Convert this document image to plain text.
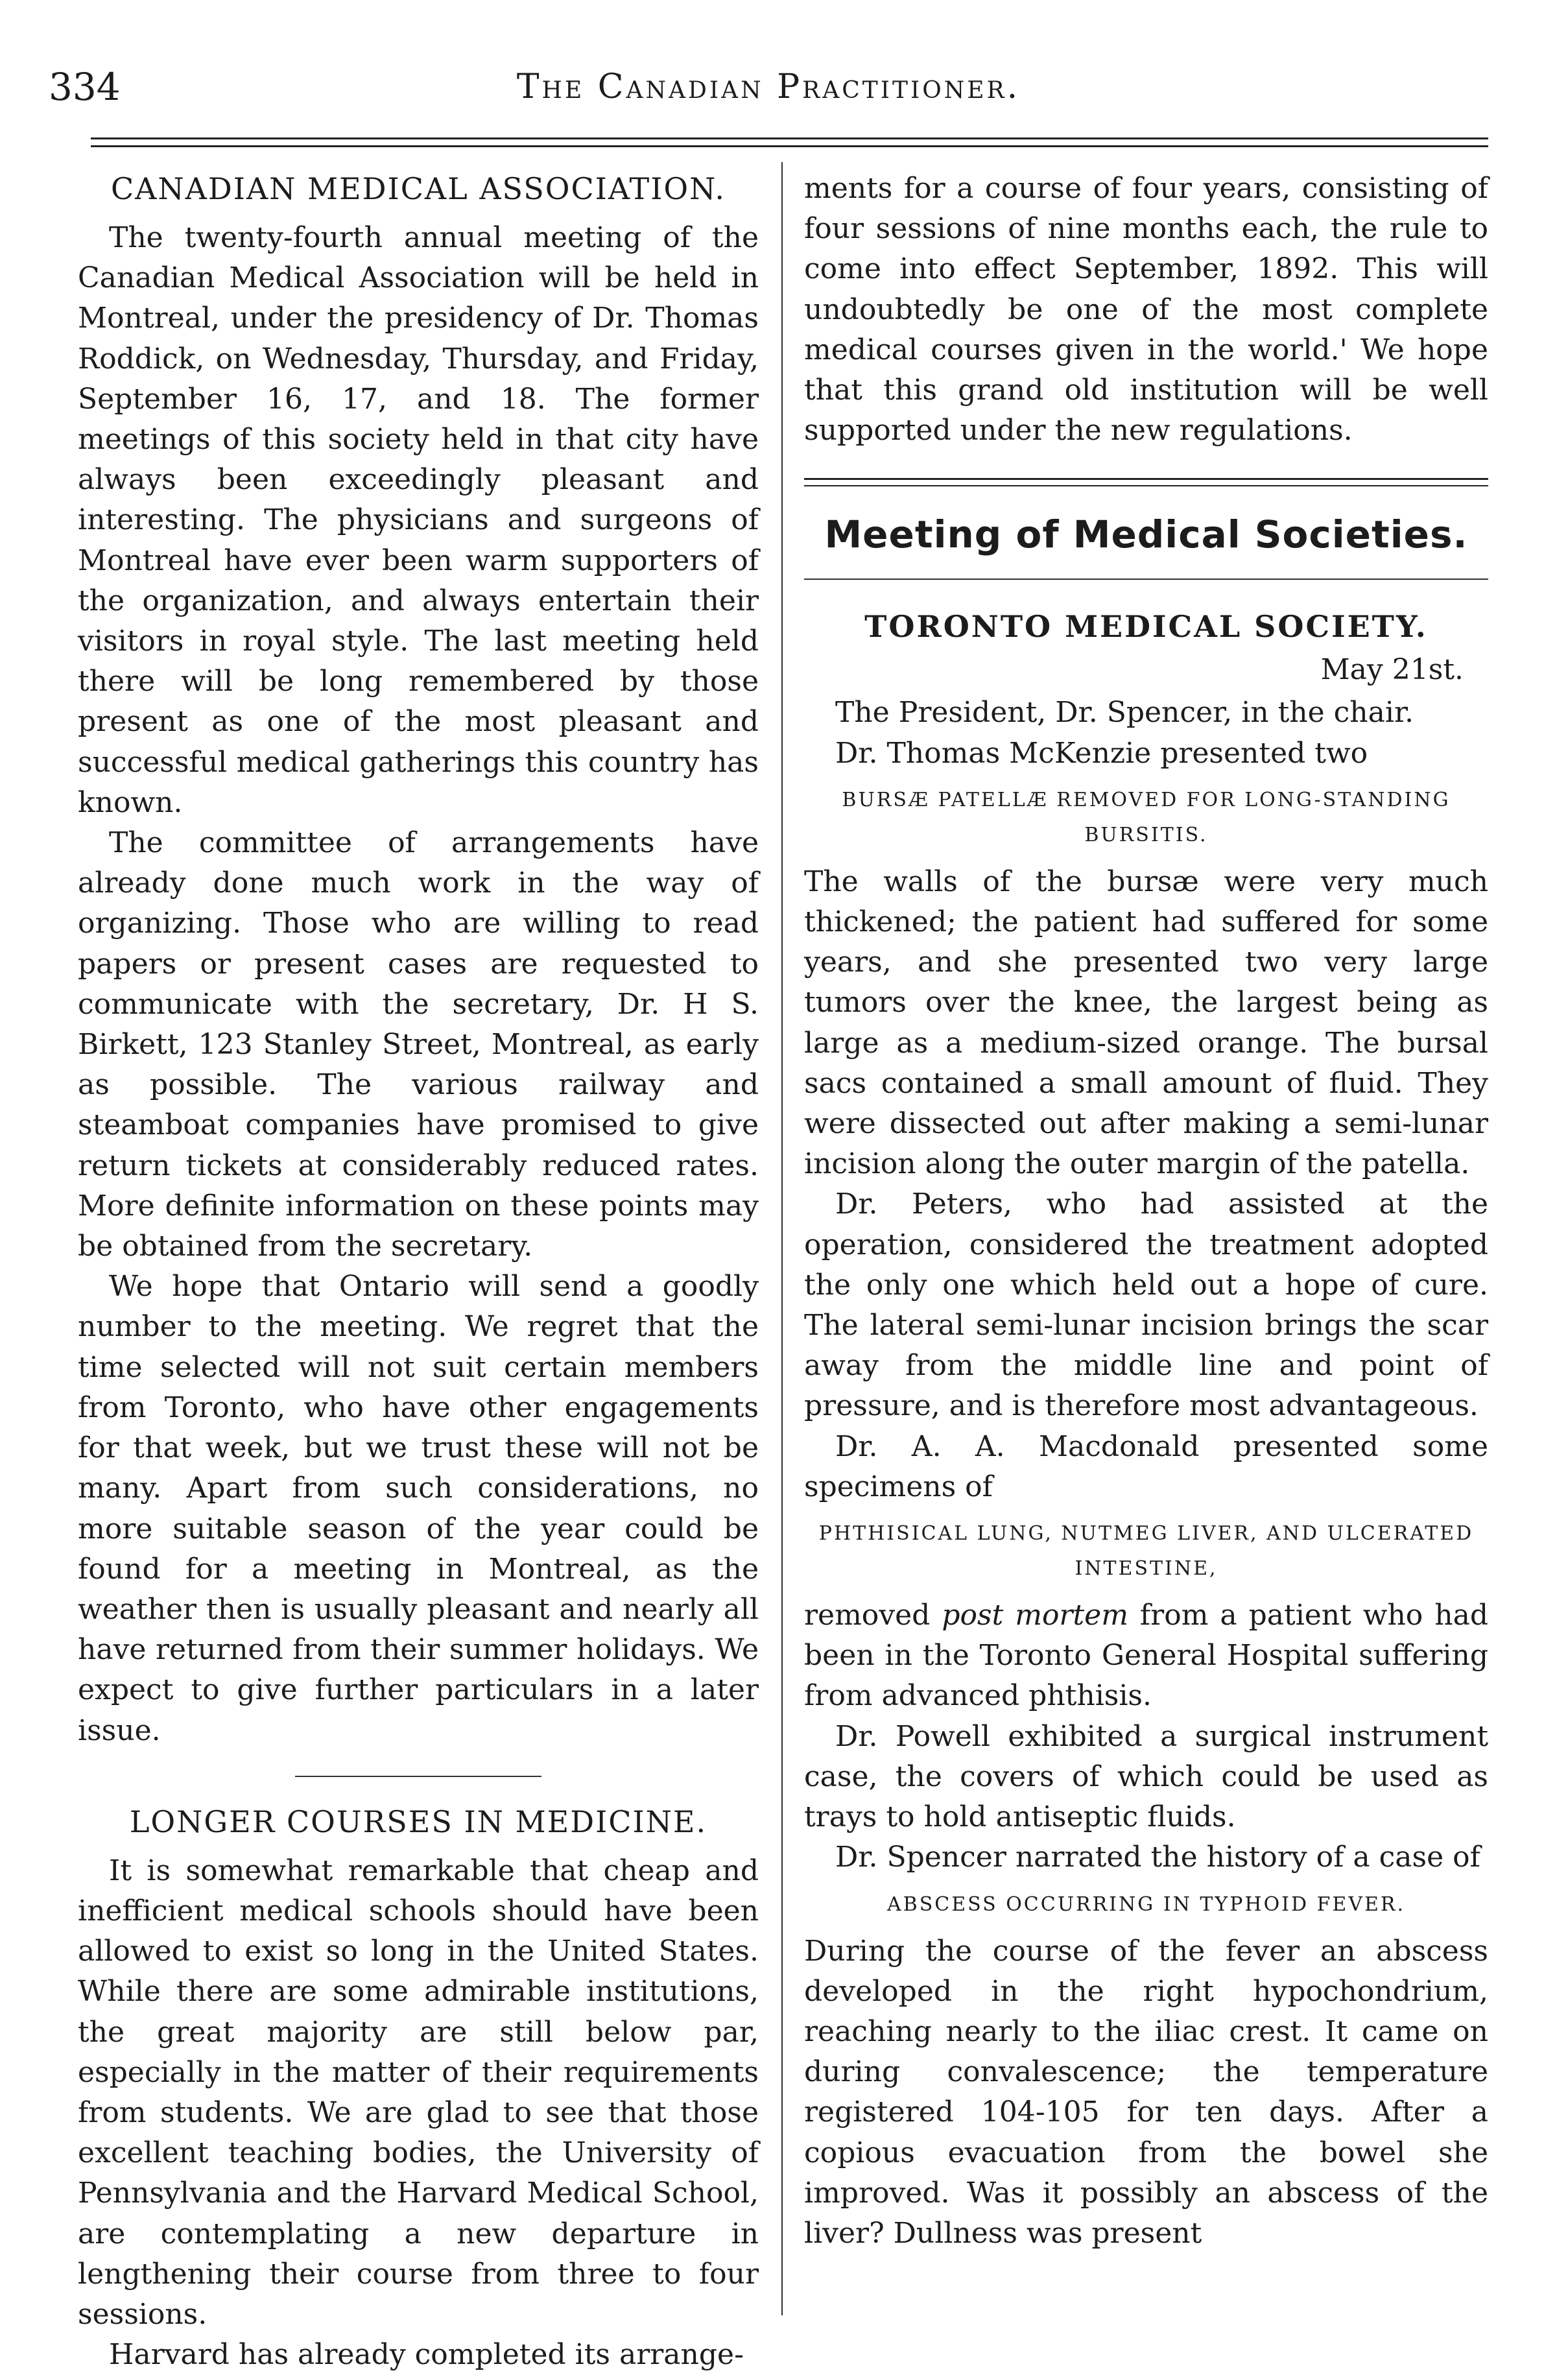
334	The Canadian Practitioner.
CANADIAN MEDICAL ASSOCIATION.

The twenty-fourth annual meeting of the Canadian Medical Association will be held in Montreal, under the presidency of Dr. Thomas Roddick, on Wednesday, Thursday, and Friday, September 16, 17, and 18. The former meetings of this society held in that city have always been exceedingly pleasant and interesting. The physicians and surgeons of Montreal have ever been warm supporters of the organization, and always entertain their visitors in royal style. The last meeting held there will be long remembered by those present as one of the most pleasant and successful medical gatherings this country has known.

The committee of arrangements have already done much work in the way of organizing. Those who are willing to read papers or present cases are requested to communicate with the secretary, Dr. H S. Birkett, 123 Stanley Street, Montreal, as early as possible. The various railway and steamboat companies have promised to give return tickets at considerably reduced rates. More definite information on these points may be obtained from the secretary.

We hope that Ontario will send a goodly number to the meeting. We regret that the time selected will not suit certain members from Toronto, who have other engagements for that week, but we trust these will not be many. Apart from such considerations, no more suitable season of the year could be found for a meeting in Montreal, as the weather then is usually pleasant and nearly all have returned from their summer holidays. We expect to give further particulars in a later issue.

LONGER COURSES IN MEDICINE.

It is somewhat remarkable that cheap and inefficient medical schools should have been allowed to exist so long in the United States. While there are some admirable institutions, the great majority are still below par, especially in the matter of their requirements from students. We are glad to see that those excellent teaching bodies, the University of Pennsylvania and the Harvard Medical School, are contemplating a new departure in lengthening their course from three to four sessions.

Harvard has already completed its arrange-

ments for a course of four years, consisting of four sessions of nine months each, the rule to come into effect September, 1892. This will undoubtedly be one of the most complete medical courses given in the world.' We hope that this grand old institution will be well supported under the new regulations.

Meeting of Medical Societies.
TORONTO MEDICAL SOCIETY.
May 21st.

The President, Dr. Spencer, in the chair.

Dr. Thomas McKenzie presented two

BURSÆ PATELLÆ REMOVED FOR LONG-STANDING BURSITIS.

The walls of the bursæ were very much thickened; the patient had suffered for some years, and she presented two very large tumors over the knee, the largest being as large as a medium-sized orange. The bursal sacs contained a small amount of fluid. They were dissected out after making a semi-lunar incision along the outer margin of the patella.

Dr. Peters, who had assisted at the operation, considered the treatment adopted the only one which held out a hope of cure. The lateral semi-lunar incision brings the scar away from the middle line and point of pressure, and is therefore most advantageous.

Dr. A. A. Macdonald presented some specimens of

PHTHISICAL LUNG, NUTMEG LIVER, AND ULCERATED INTESTINE,

removed post mortem from a patient who had been in the Toronto General Hospital suffering from advanced phthisis.

Dr. Powell exhibited a surgical instrument case, the covers of which could be used as trays to hold antiseptic fluids.

Dr. Spencer narrated the history of a case of

ABSCESS OCCURRING IN TYPHOID FEVER.

During the course of the fever an abscess developed in the right hypochondrium, reaching nearly to the iliac crest. It came on during convalescence; the temperature registered 104-105 for ten days. After a copious evacuation from the bowel she improved. Was it possibly an abscess of the liver? Dullness was present
